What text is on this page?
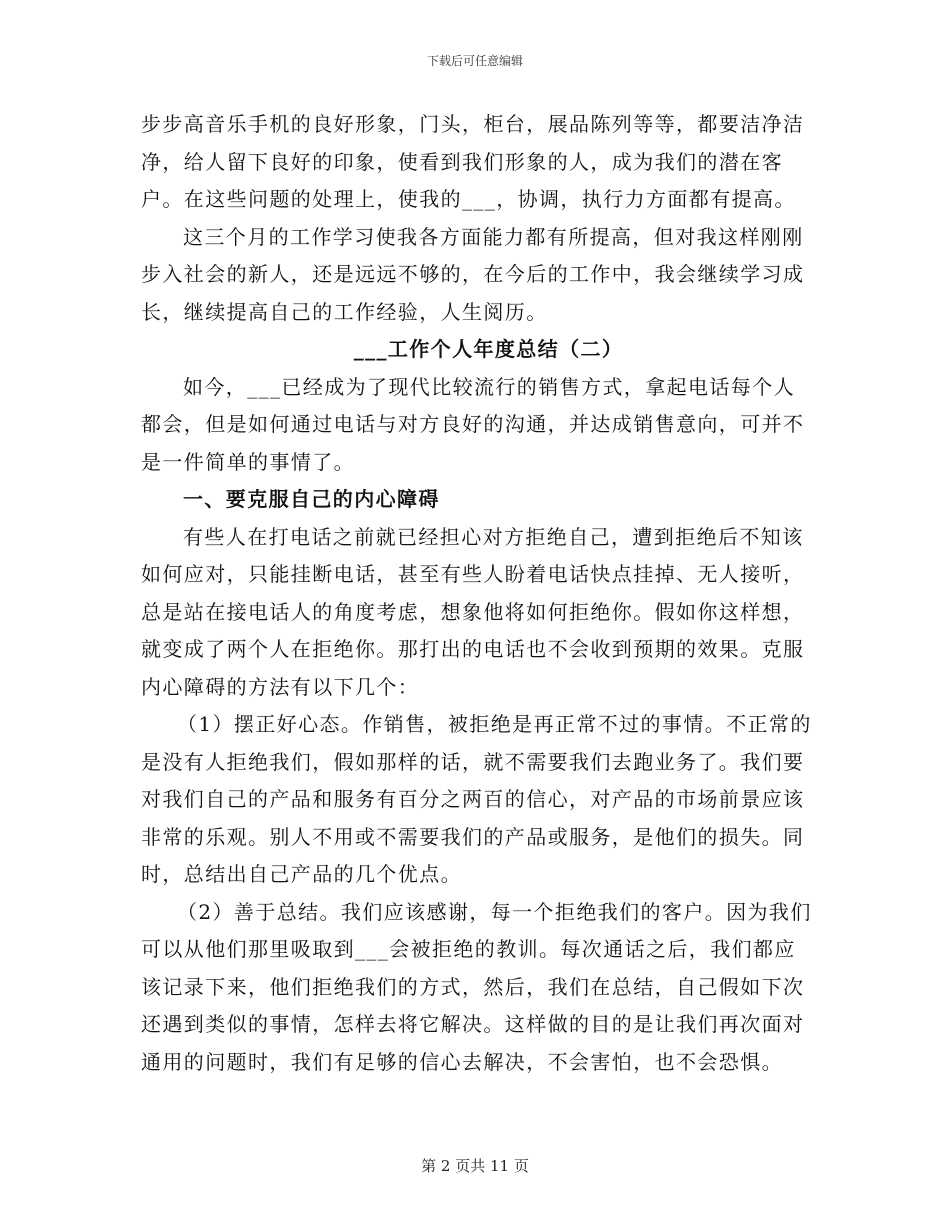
下载后可任意编辑

步步高音乐手机的良好形象，门头，柜台，展品陈列等等，都要洁净洁净，给人留下良好的印象，使看到我们形象的人，成为我们的潜在客户。在这些问题的处理上，使我的___，协调，执行力方面都有提高。

这三个月的工作学习使我各方面能力都有所提高，但对我这样刚刚步入社会的新人，还是远远不够的，在今后的工作中，我会继续学习成长，继续提高自己的工作经验，人生阅历。

___工作个人年度总结（二）

如今，___已经成为了现代比较流行的销售方式，拿起电话每个人都会，但是如何通过电话与对方良好的沟通，并达成销售意向，可并不是一件简单的事情了。

一、要克服自己的内心障碍

有些人在打电话之前就已经担心对方拒绝自己，遭到拒绝后不知该如何应对，只能挂断电话，甚至有些人盼着电话快点挂掉、无人接听，总是站在接电话人的角度考虑，想象他将如何拒绝你。假如你这样想，就变成了两个人在拒绝你。那打出的电话也不会收到预期的效果。克服内心障碍的方法有以下几个：

（1）摆正好心态。作销售，被拒绝是再正常不过的事情。不正常的是没有人拒绝我们，假如那样的话，就不需要我们去跑业务了。我们要对我们自己的产品和服务有百分之两百的信心，对产品的市场前景应该非常的乐观。别人不用或不需要我们的产品或服务，是他们的损失。同时，总结出自己产品的几个优点。

（2）善于总结。我们应该感谢，每一个拒绝我们的客户。因为我们可以从他们那里吸取到___会被拒绝的教训。每次通话之后，我们都应该记录下来，他们拒绝我们的方式，然后，我们在总结，自己假如下次还遇到类似的事情，怎样去将它解决。这样做的目的是让我们再次面对通用的问题时，我们有足够的信心去解决，不会害怕，也不会恐惧。

第 2 页共 11 页
